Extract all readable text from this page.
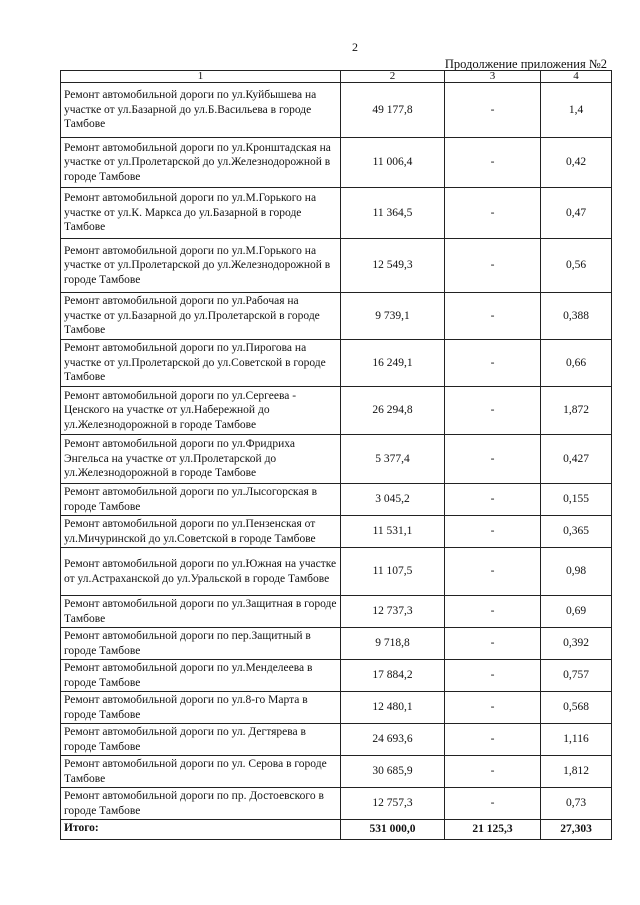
2
Продолжение приложения №2
1	2	3	4
Ремонт автомобильной дороги по ул.Куйбышева на участке от ул.Базарной до ул.Б.Васильева в городе Тамбове	49 177,8	-	1,4
Ремонт автомобильной дороги по ул.Кронштадская на участке от ул.Пролетарской до ул.Железнодорожной в городе Тамбове	11 006,4	-	0,42
Ремонт автомобильной дороги по ул.М.Горького на участке от ул.К. Маркса до ул.Базарной в городе Тамбове	11 364,5	-	0,47
Ремонт автомобильной дороги по ул.М.Горького на участке от ул.Пролетарской до ул.Железнодорожной в городе Тамбове	12 549,3	-	0,56
Ремонт автомобильной дороги по ул.Рабочая на участке от ул.Базарной до ул.Пролетарской в городе Тамбове	9 739,1	-	0,388
Ремонт автомобильной дороги по ул.Пирогова на участке от ул.Пролетарской до ул.Советской в городе Тамбове	16 249,1	-	0,66
Ремонт автомобильной дороги по ул.Сергеева - Ценского на участке от ул.Набережной до ул.Железнодорожной в городе Тамбове	26 294,8	-	1,872
Ремонт автомобильной дороги по ул.Фридриха Энгельса на участке от ул.Пролетарской до ул.Железнодорожной в городе Тамбове	5 377,4	-	0,427
Ремонт автомобильной дороги по ул.Лысогорская в городе Тамбове	3 045,2	-	0,155
Ремонт автомобильной дороги по ул.Пензенская от ул.Мичуринской до ул.Советской в городе Тамбове	11 531,1	-	0,365
Ремонт автомобильной дороги по ул.Южная на участке от ул.Астраханской до ул.Уральской в городе Тамбове	11 107,5	-	0,98
Ремонт автомобильной дороги по ул.Защитная в городе Тамбове	12 737,3	-	0,69
Ремонт автомобильной дороги по пер.Защитный в городе Тамбове	9 718,8	-	0,392
Ремонт автомобильной дороги по ул.Менделеева в городе Тамбове	17 884,2	-	0,757
Ремонт автомобильной дороги по ул.8-го Марта в городе Тамбове	12 480,1	-	0,568
Ремонт автомобильной дороги по ул. Дегтярева в городе Тамбове	24 693,6	-	1,116
Ремонт автомобильной дороги по ул. Серова в городе Тамбове	30 685,9	-	1,812
Ремонт автомобильной дороги по пр. Достоевского в городе Тамбове	12 757,3	-	0,73
Итого:	531 000,0	21 125,3	27,303
